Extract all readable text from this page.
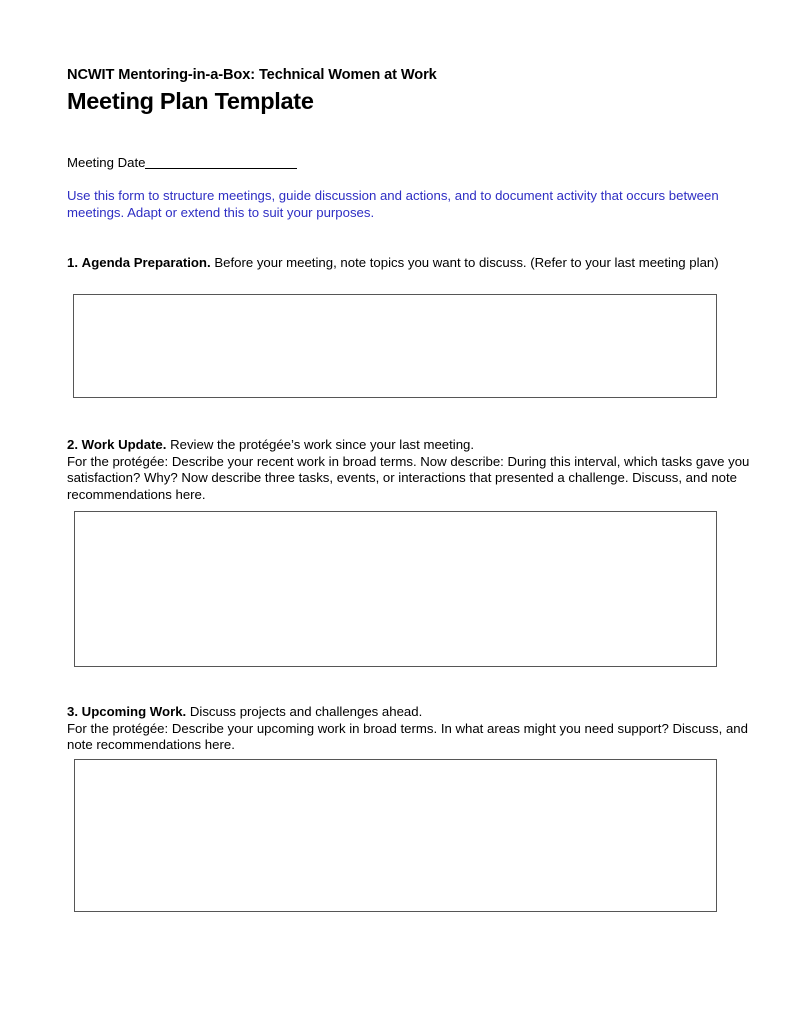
NCWIT Mentoring-in-a-Box: Technical Women at Work
Meeting Plan Template
Meeting Date
Use this form to structure meetings, guide discussion and actions, and to document activity that occurs between meetings. Adapt or extend this to suit your purposes.

1. Agenda Preparation. Before your meeting, note topics you want to discuss. (Refer to your last meeting plan)

2. Work Update. Review the protégée’s work since your last meeting.
For the protégée: Describe your recent work in broad terms. Now describe: During this interval, which tasks gave you satisfaction? Why? Now describe three tasks, events, or interactions that presented a challenge. Discuss, and note recommendations here.

3. Upcoming Work. Discuss projects and challenges ahead.
For the protégée: Describe your upcoming work in broad terms. In what areas might you need support? Discuss, and note recommendations here.
